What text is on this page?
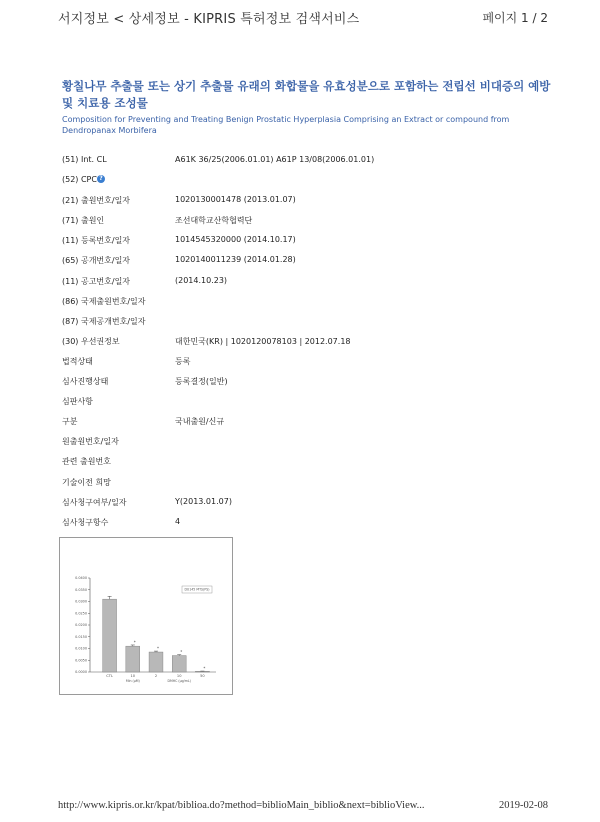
서지정보 < 상세정보 - KIPRIS 특허정보 검색서비스	페이지 1 / 2
황칠나무 추출물 또는 상기 추출물 유래의 화합물을 유효성분으로 포함하는 전립선 비대증의 예방 및 치료용 조성물
Composition for Preventing and Treating Benign Prostatic Hyperplasia Comprising an Extract or compound from Dendropanax Morbifera
(51) Int. CL	A61K 36/25(2006.01.01) A61P 13/08(2006.01.01)
(52) CPC ?
(21) 출원번호/일자	1020130001478 (2013.01.07)
(71) 출원인	조선대학교산학협력단
(11) 등록번호/일자	1014545320000 (2014.10.17)
(65) 공개번호/일자	1020140011239 (2014.01.28)
(11) 공고번호/일자	(2014.10.23)
(86) 국제출원번호/일자
(87) 국제공개번호/일자
(30) 우선권정보	대한민국(KR) | 1020120078103 | 2012.07.18
법적상태	등록
심사진행상태	등록결정(일반)
심판사항
구분	국내출원/신규
원출원번호/일자
관련 출원번호
기술이전 희망
심사청구여부/일자	Y(2013.01.07)
심사청구항수	4
0.0000
0.0050
0.0100
0.0150
0.0200
0.0250
0.0300
0.0350
0.0400
DU145 MTS(PS)
CTL
*
10
*
2
*
10
*
50
Min (μM)	DMHC (μg/mL)
http://www.kipris.or.kr/kpat/biblioa.do?method=biblioMain_biblio&next=biblioView...	2019-02-08
